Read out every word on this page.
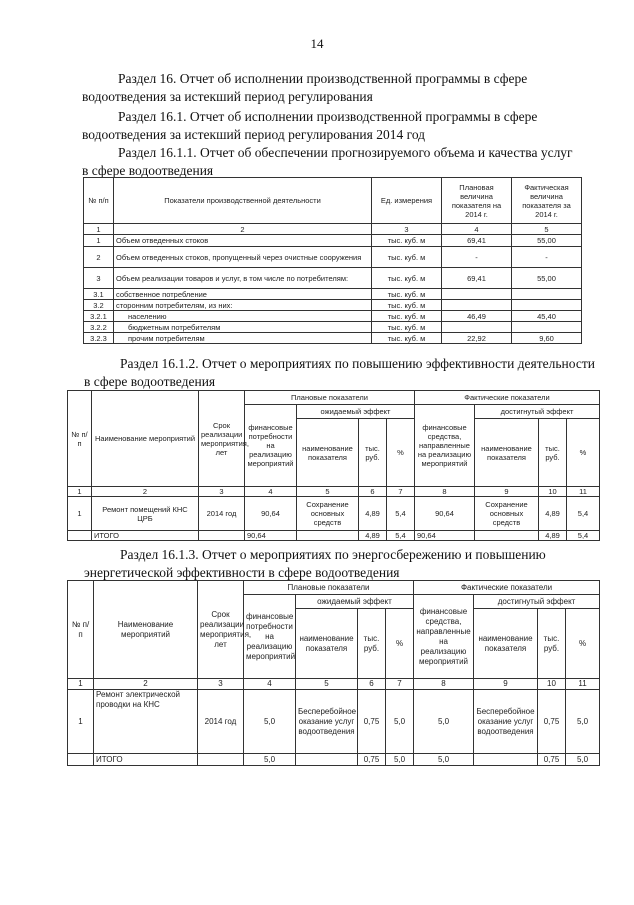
14
Раздел 16. Отчет об исполнении производственной программы в сфере водоотведения за истекший период регулирования
Раздел 16.1. Отчет об исполнении производственной программы в сфере водоотведения за истекший период регулирования 2014 год
Раздел 16.1.1. Отчет об обеспечении прогнозируемого объема и качества услуг в сфере водоотведения
№ п/п	Показатели производственной деятельности	Ед. измерения	Плановая величина показателя на 2014 г.	Фактическая величина показателя за 2014 г.
1	2	3	4	5
1	Объем отведенных стоков	тыс. куб. м	69,41	55,00
2	Объем отведенных стоков, пропущенный через очистные сооружения	тыс. куб. м	-	-
3	Объем реализации товаров и услуг, в том числе по потребителям:	тыс. куб. м	69,41	55,00
3.1	собственное потребление	тыс. куб. м		
3.2	сторонним потребителям, из них:	тыс. куб. м		
3.2.1	населению	тыс. куб. м	46,49	45,40
3.2.2	бюджетным потребителям	тыс. куб. м		
3.2.3	прочим потребителям	тыс. куб. м	22,92	9,60
Раздел 16.1.2. Отчет о мероприятиях по повышению эффективности деятельности в сфере водоотведения
№ п/п	Наименование мероприятий	Срок реализации мероприятия, лет	Плановые показатели				Фактические показатели			
			финансовые потребности на реализацию мероприятий	ожидаемый эффект			финансовые средства, направленные на реализацию мероприятий	достигнутый эффект		
				наименование показателя	тыс. руб.	%		наименование показателя	тыс. руб.	%
1	2	3	4	5	6	7	8	9	10	11
1	Ремонт помещений КНС ЦРБ	2014 год	90,64	Сохранение основных средств	4,89	5,4	90,64	Сохранение основных средств	4,89	5,4
	ИТОГО		90,64		4,89	5,4	90,64		4,89	5,4
Раздел 16.1.3. Отчет о мероприятиях по энергосбережению и повышению энергетической эффективности в сфере водоотведения
№ п/п	Наименование мероприятий	Срок реализации мероприятия, лет	Плановые показатели				Фактические показатели			
			финансовые потребности на реализацию мероприятий	ожидаемый эффект			финансовые средства, направленные на реализацию мероприятий	достигнутый эффект		
				наименование показателя	тыс. руб.	%		наименование показателя	тыс. руб.	%
1	2	3	4	5	6	7	8	9	10	11
1	Ремонт электрической проводки на КНС	2014 год	5,0	Бесперебойное оказание услуг водоотведения	0,75	5,0	5,0	Бесперебойное оказание услуг водоотведения	0,75	5,0
	ИТОГО		5,0		0,75	5,0	5,0		0,75	5,0
